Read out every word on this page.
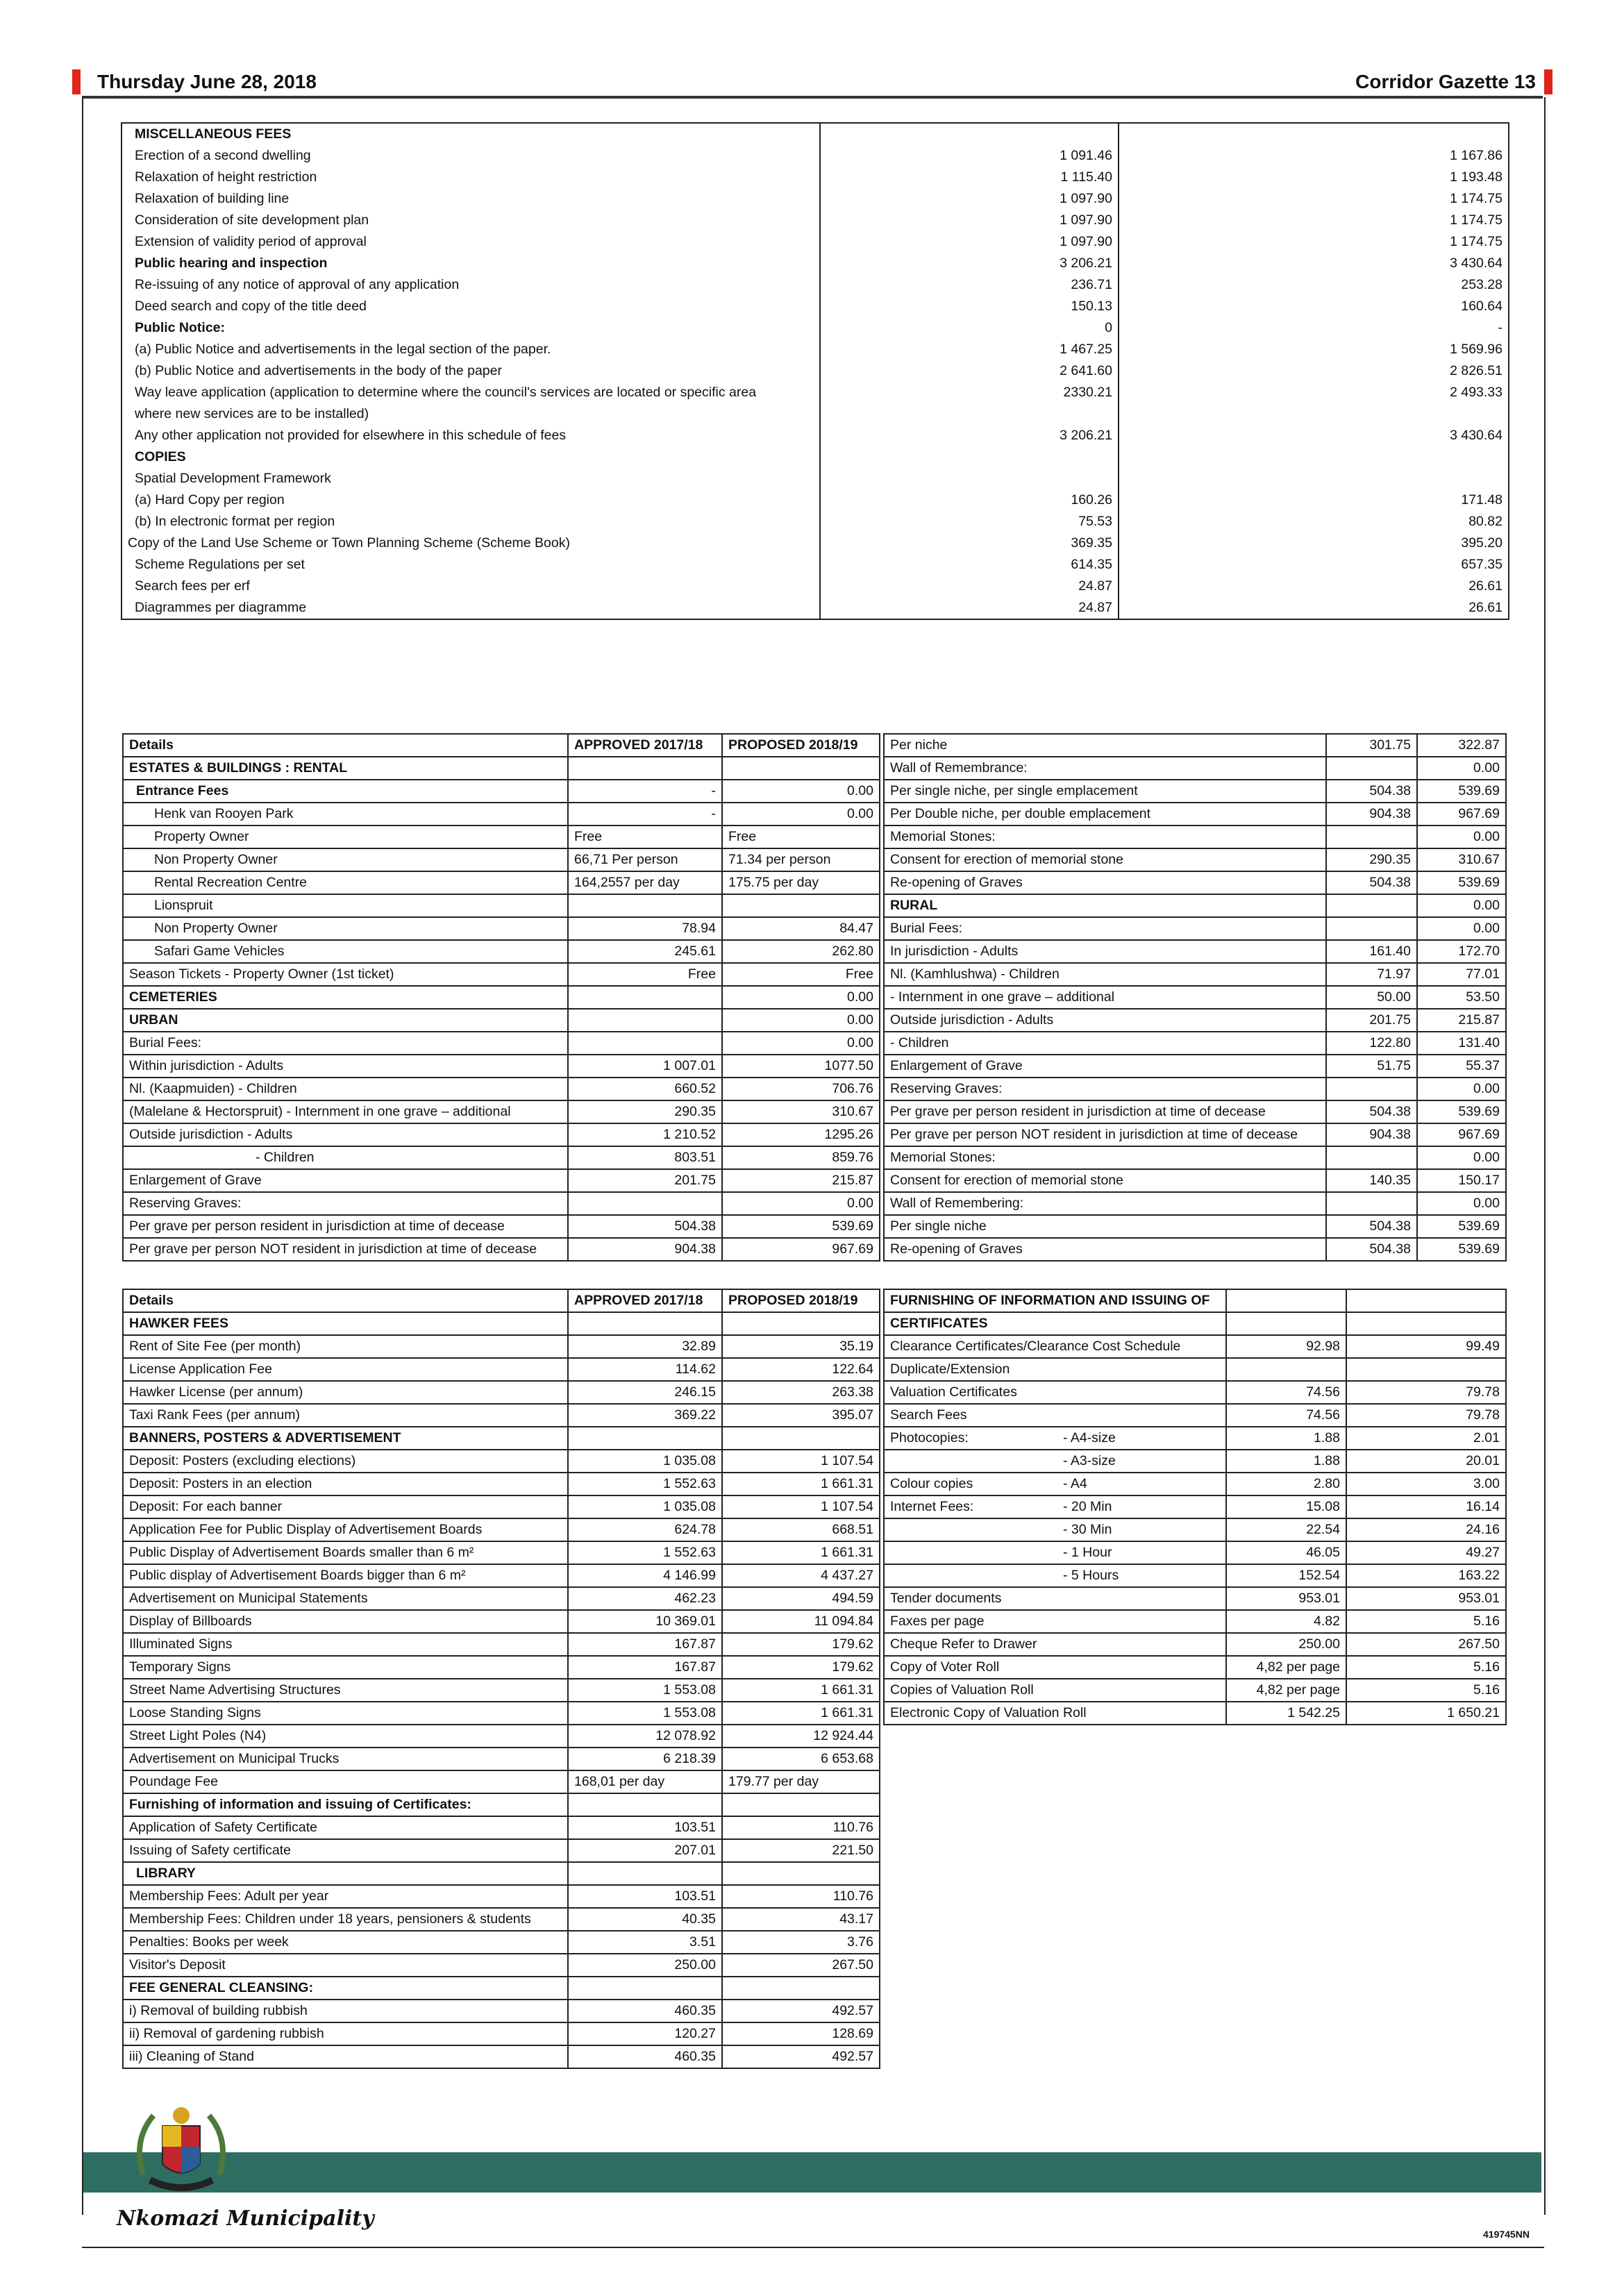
Thursday June 28, 2018	Corridor Gazette 13
MISCELLANEOUS FEES		
Erection of a second dwelling	1 091.46	1 167.86
Relaxation of height restriction	1 115.40	1 193.48
Relaxation of building line	1 097.90	1 174.75
Consideration of site development plan	1 097.90	1 174.75
Extension of validity period of approval	1 097.90	1 174.75
Public hearing and inspection	3 206.21	3 430.64
Re-issuing of any notice of approval of any application	236.71	253.28
Deed search and copy of the title deed	150.13	160.64
Public Notice:	0	-
(a) Public Notice and advertisements in the legal section of the paper.	1 467.25	1 569.96
(b) Public Notice and advertisements in the body of the paper	2 641.60	2 826.51
Way leave application (application to determine where the council's services are located or specific area	2330.21	2 493.33
where new services are to be installed)		
Any other application not provided for elsewhere in this schedule of fees	3 206.21	3 430.64
COPIES		
Spatial Development Framework		
(a) Hard Copy per region	160.26	171.48
(b) In electronic format per region	75.53	80.82
Copy of the Land Use Scheme or Town Planning Scheme (Scheme Book)	369.35	395.20
Scheme Regulations per set	614.35	657.35
Search fees per erf	24.87	26.61
Diagrammes per diagramme	24.87	26.61
Details	APPROVED 2017/18	PROPOSED 2018/19
ESTATES & BUILDINGS : RENTAL		
Entrance Fees	-	0.00
Henk van Rooyen Park	-	0.00
Property Owner	Free	Free
Non Property Owner	66,71 Per person	71.34 per person
Rental Recreation Centre	164,2557 per day	175.75 per day
Lionspruit		
Non Property Owner	78.94	84.47
Safari Game Vehicles	245.61	262.80
Season Tickets - Property Owner (1st ticket)	Free	Free
CEMETERIES		0.00
URBAN		0.00
Burial Fees:		0.00
Within jurisdiction - Adults	1 007.01	1077.50
Nl. (Kaapmuiden) - Children	660.52	706.76
(Malelane & Hectorspruit) - Internment in one grave – additional	290.35	310.67
Outside jurisdiction - Adults	1 210.52	1295.26
- Children	803.51	859.76
Enlargement of Grave	201.75	215.87
Reserving Graves:		0.00
Per grave per person resident in jurisdiction at time of decease	504.38	539.69
Per grave per person NOT resident in jurisdiction at time of decease	904.38	967.69
Per niche	301.75	322.87
Wall of Remembrance:		0.00
Per single niche, per single emplacement	504.38	539.69
Per Double niche, per double emplacement	904.38	967.69
Memorial Stones:		0.00
Consent for erection of memorial stone	290.35	310.67
Re-opening of Graves	504.38	539.69
RURAL		0.00
Burial Fees:		0.00
In jurisdiction - Adults	161.40	172.70
Nl. (Kamhlushwa) - Children	71.97	77.01
- Internment in one grave – additional	50.00	53.50
Outside jurisdiction - Adults	201.75	215.87
- Children	122.80	131.40
Enlargement of Grave	51.75	55.37
Reserving Graves:		0.00
Per grave per person resident in jurisdiction at time of decease	504.38	539.69
Per grave per person NOT resident in jurisdiction at time of decease	904.38	967.69
Memorial Stones:		0.00
Consent for erection of memorial stone	140.35	150.17
Wall of Remembering:		0.00
Per single niche	504.38	539.69
Re-opening of Graves	504.38	539.69
Details	APPROVED 2017/18	PROPOSED 2018/19
HAWKER FEES		
Rent of Site Fee (per month)	32.89	35.19
License Application Fee	114.62	122.64
Hawker License (per annum)	246.15	263.38
Taxi Rank Fees (per annum)	369.22	395.07
BANNERS, POSTERS & ADVERTISEMENT		
Deposit: Posters (excluding elections)	1 035.08	1 107.54
Deposit: Posters in an election	1 552.63	1 661.31
Deposit: For each banner	1 035.08	1 107.54
Application Fee for Public Display of Advertisement Boards	624.78	668.51
Public Display of Advertisement Boards smaller than 6 m²	1 552.63	1 661.31
Public display of Advertisement Boards bigger than 6 m²	4 146.99	4 437.27
Advertisement on Municipal Statements	462.23	494.59
Display of Billboards	10 369.01	11 094.84
Illuminated Signs	167.87	179.62
Temporary Signs	167.87	179.62
Street Name Advertising Structures	1 553.08	1 661.31
Loose Standing Signs	1 553.08	1 661.31
Street Light Poles (N4)	12 078.92	12 924.44
Advertisement on Municipal Trucks	6 218.39	6 653.68
Poundage Fee	168,01 per day	179.77 per day
Furnishing of information and issuing of Certificates:		
Application of Safety Certificate	103.51	110.76
Issuing of Safety certificate	207.01	221.50
LIBRARY		
Membership Fees: Adult per year	103.51	110.76
Membership Fees: Children under 18 years, pensioners & students	40.35	43.17
Penalties: Books per week	3.51	3.76
Visitor's Deposit	250.00	267.50
FEE GENERAL CLEANSING:		
i) Removal of building rubbish	460.35	492.57
ii) Removal of gardening rubbish	120.27	128.69
iii) Cleaning of Stand	460.35	492.57
FURNISHING OF INFORMATION AND ISSUING OF			
CERTIFICATES			
Clearance Certificates/Clearance Cost Schedule		92.98	99.49
Duplicate/Extension			
Valuation Certificates		74.56	79.78
Search Fees		74.56	79.78
Photocopies:	- A4-size	1.88	2.01
	- A3-size	1.88	20.01
Colour copies	- A4	2.80	3.00
Internet Fees:	- 20 Min	15.08	16.14
	- 30 Min	22.54	24.16
	- 1 Hour	46.05	49.27
	- 5 Hours	152.54	163.22
Tender documents		953.01	953.01
Faxes per page		4.82	5.16
Cheque Refer to Drawer		250.00	267.50
Copy of Voter Roll		4,82 per page	5.16
Copies of Valuation Roll		4,82 per page	5.16
Electronic Copy of Valuation Roll		1 542.25	1 650.21
Nkomazi Municipality
419745NN
